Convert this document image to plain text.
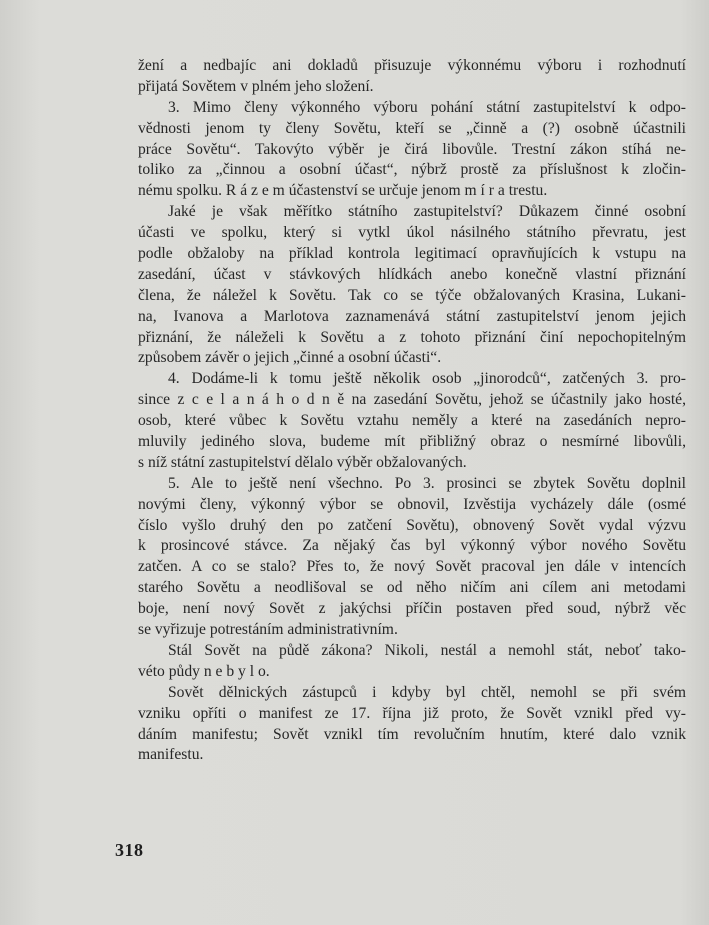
žení a nedbajíc ani dokladů přisuzuje výkonnému výboru i rozhodnutí
přijatá Sovětem v plném jeho složení.
3. Mimo členy výkonného výboru pohání státní zastupitelství k odpo-
vědnosti jenom ty členy Sovětu, kteří se „činně a (?) osobně účastnili
práce Sovětu“. Takovýto výběr je čirá libovůle. Trestní zákon stíhá ne-
toliko za „činnou a osobní účast“, nýbrž prostě za příslušnost k zločin-
nému spolku. R á z e m účastenství se určuje jenom m í r a trestu.
Jaké je však měřítko státního zastupitelství? Důkazem činné osobní
účasti ve spolku, který si vytkl úkol násilného státního převratu, jest
podle obžaloby na příklad kontrola legitimací opravňujících k vstupu na
zasedání, účast v stávkových hlídkách anebo konečně vlastní přiznání
člena, že náležel k Sovětu. Tak co se týče obžalovaných Krasina, Lukani-
na, Ivanova a Marlotova zaznamenává státní zastupitelství jenom jejich
přiznání, že náleželi k Sovětu a z tohoto přiznání činí nepochopitelným
způsobem závěr o jejich „činné a osobní účasti“.
4. Dodáme-li k tomu ještě několik osob „jinorodců“, zatčených 3. pro-
since z c e l a n á h o d n ě na zasedání Sovětu, jehož se účastnily jako hosté,
osob, které vůbec k Sovětu vztahu neměly a které na zasedáních nepro-
mluvily jediného slova, budeme mít přibližný obraz o nesmírné libovůli,
s níž státní zastupitelství dělalo výběr obžalovaných.
5. Ale to ještě není všechno. Po 3. prosinci se zbytek Sovětu doplnil
novými členy, výkonný výbor se obnovil, Izvěstija vycházely dále (osmé
číslo vyšlo druhý den po zatčení Sovětu), obnovený Sovět vydal výzvu
k prosincové stávce. Za nějaký čas byl výkonný výbor nového Sovětu
zatčen. A co se stalo? Přes to, že nový Sovět pracoval jen dále v intencích
starého Sovětu a neodlišoval se od něho ničím ani cílem ani metodami
boje, není nový Sovět z jakýchsi příčin postaven před soud, nýbrž věc
se vyřizuje potrestáním administrativním.
Stál Sovět na půdě zákona? Nikoli, nestál a nemohl stát, neboť tako-
véto půdy n e b y l o.
Sovět dělnických zástupců i kdyby byl chtěl, nemohl se při svém
vzniku opříti o manifest ze 17. října již proto, že Sovět vznikl před vy-
dáním manifestu; Sovět vznikl tím revolučním hnutím, které dalo vznik
manifestu.
318
